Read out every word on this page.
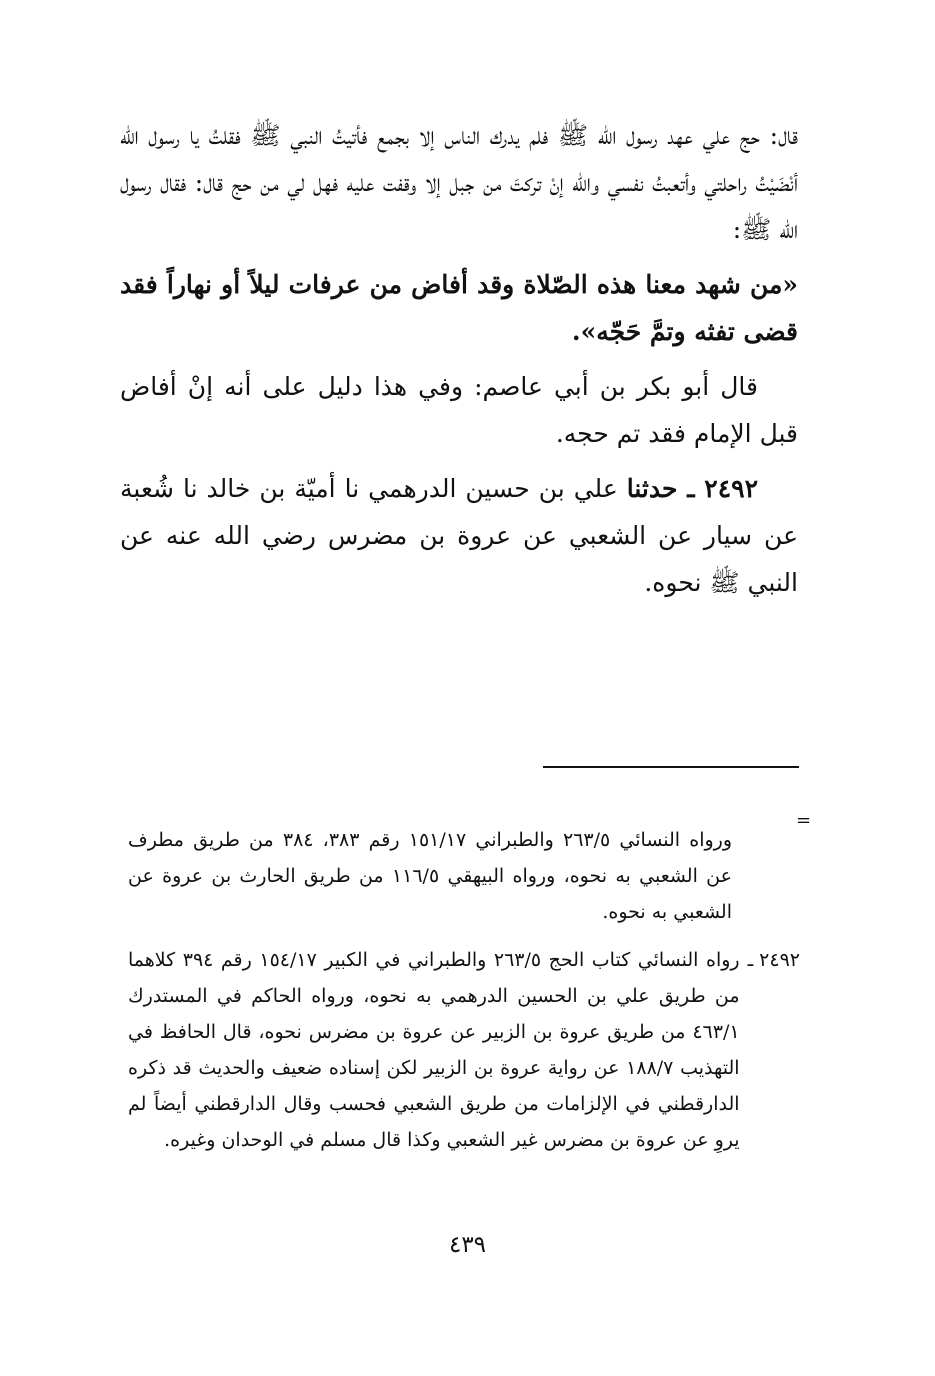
قال: حج علي عهد رسول الله ﷺ فلم يدرك الناس إلا بجمع فأتيتُ النبي ﷺ فقلتُ يا رسول الله أنْضَيْتُ راحلتي وأتعبتُ نفسي والله إنْ تركتَ من جبل إلا وقفت عليه فهل لي من حج قال: فقال رسول الله ﷺ:

«من شهد معنا هذه الصّلاة وقد أفاض من عرفات ليلاً أو نهاراً فقد قضى تفثه وتمَّ حَجّه».

قال أبو بكر بن أبي عاصم: وفي هذا دليل على أنه إنْ أفاض قبل الإمام فقد تم حجه.

٢٤٩٢ ـ حدثنا علي بن حسين الدرهمي نا أميّة بن خالد نا شُعبة عن سيار عن الشعبي عن عروة بن مضرس رضي الله عنه عن النبي ﷺ نحوه.

=
ورواه النسائي ٢٦٣/٥ والطبراني ١٥١/١٧ رقم ٣٨٣، ٣٨٤ من طريق مطرف عن الشعبي به نحوه، ورواه البيهقي ١١٦/٥ من طريق الحارث بن عروة عن الشعبي به نحوه.
٢٤٩٢ ـ
رواه النسائي كتاب الحج ٢٦٣/٥ والطبراني في الكبير ١٥٤/١٧ رقم ٣٩٤ كلاهما من طريق علي بن الحسين الدرهمي به نحوه، ورواه الحاكم في المستدرك ٤٦٣/١ من طريق عروة بن الزبير عن عروة بن مضرس نحوه، قال الحافظ في التهذيب ١٨٨/٧ عن رواية عروة بن الزبير لكن إسناده ضعيف والحديث قد ذكره الدارقطني في الإلزامات من طريق الشعبي فحسب وقال الدارقطني أيضاً لم يروِ عن عروة بن مضرس غير الشعبي وكذا قال مسلم في الوحدان وغيره.
٤٣٩
